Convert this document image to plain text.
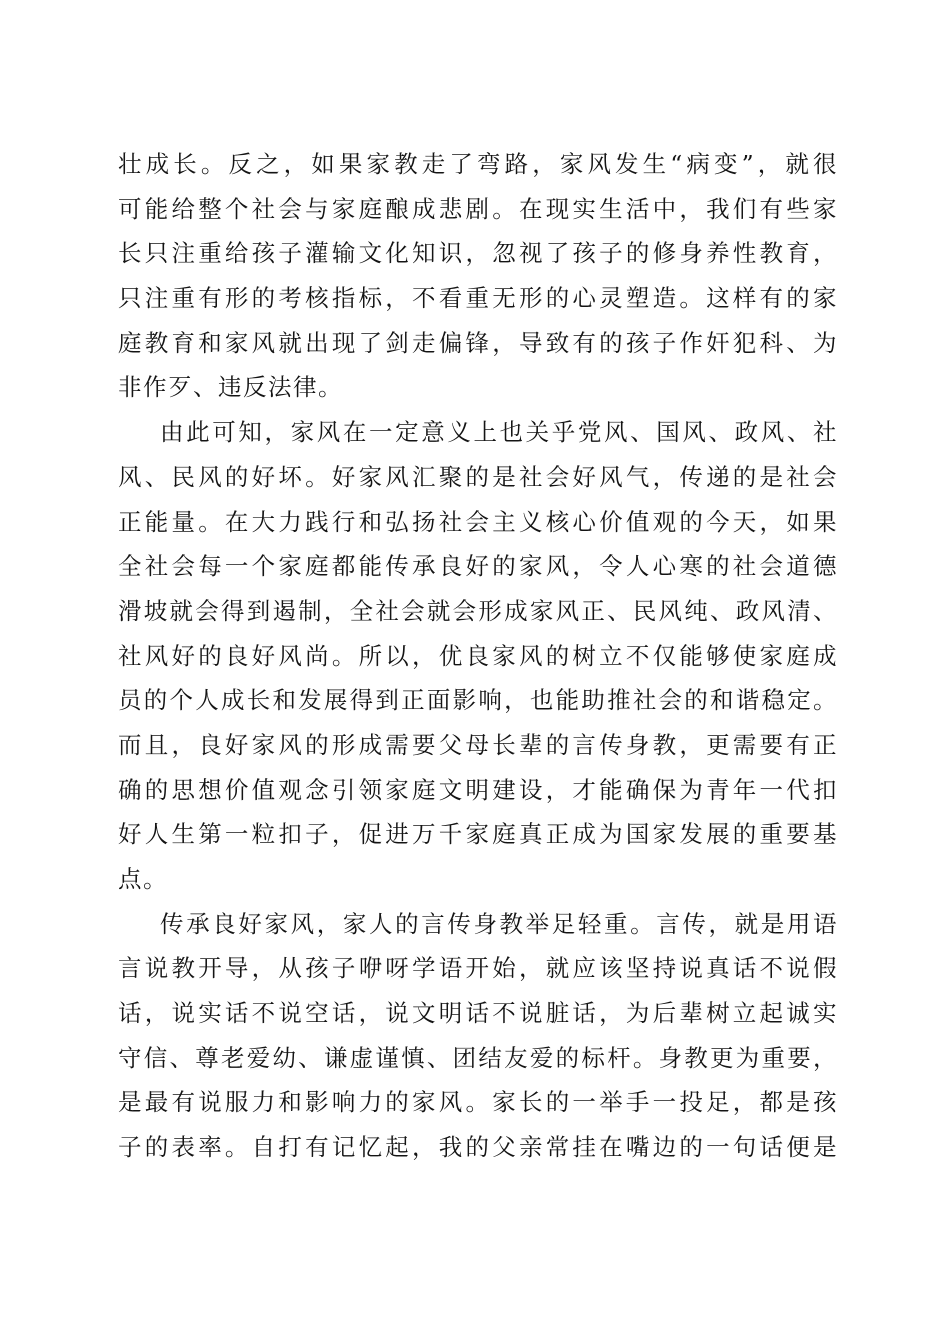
壮成长。反之，如果家教走了弯路，家风发生“病变”，就很
可能给整个社会与家庭酿成悲剧。在现实生活中，我们有些家
长只注重给孩子灌输文化知识，忽视了孩子的修身养性教育，
只注重有形的考核指标，不看重无形的心灵塑造。这样有的家
庭教育和家风就出现了剑走偏锋，导致有的孩子作奸犯科、为
非作歹、违反法律。
由此可知，家风在一定意义上也关乎党风、国风、政风、社
风、民风的好坏。好家风汇聚的是社会好风气，传递的是社会
正能量。在大力践行和弘扬社会主义核心价值观的今天，如果
全社会每一个家庭都能传承良好的家风，令人心寒的社会道德
滑坡就会得到遏制，全社会就会形成家风正、民风纯、政风清、
社风好的良好风尚。所以，优良家风的树立不仅能够使家庭成
员的个人成长和发展得到正面影响，也能助推社会的和谐稳定。
而且，良好家风的形成需要父母长辈的言传身教，更需要有正
确的思想价值观念引领家庭文明建设，才能确保为青年一代扣
好人生第一粒扣子，促进万千家庭真正成为国家发展的重要基
点。
传承良好家风，家人的言传身教举足轻重。言传，就是用语
言说教开导，从孩子咿呀学语开始，就应该坚持说真话不说假
话，说实话不说空话，说文明话不说脏话，为后辈树立起诚实
守信、尊老爱幼、谦虚谨慎、团结友爱的标杆。身教更为重要，
是最有说服力和影响力的家风。家长的一举手一投足，都是孩
子的表率。自打有记忆起，我的父亲常挂在嘴边的一句话便是
